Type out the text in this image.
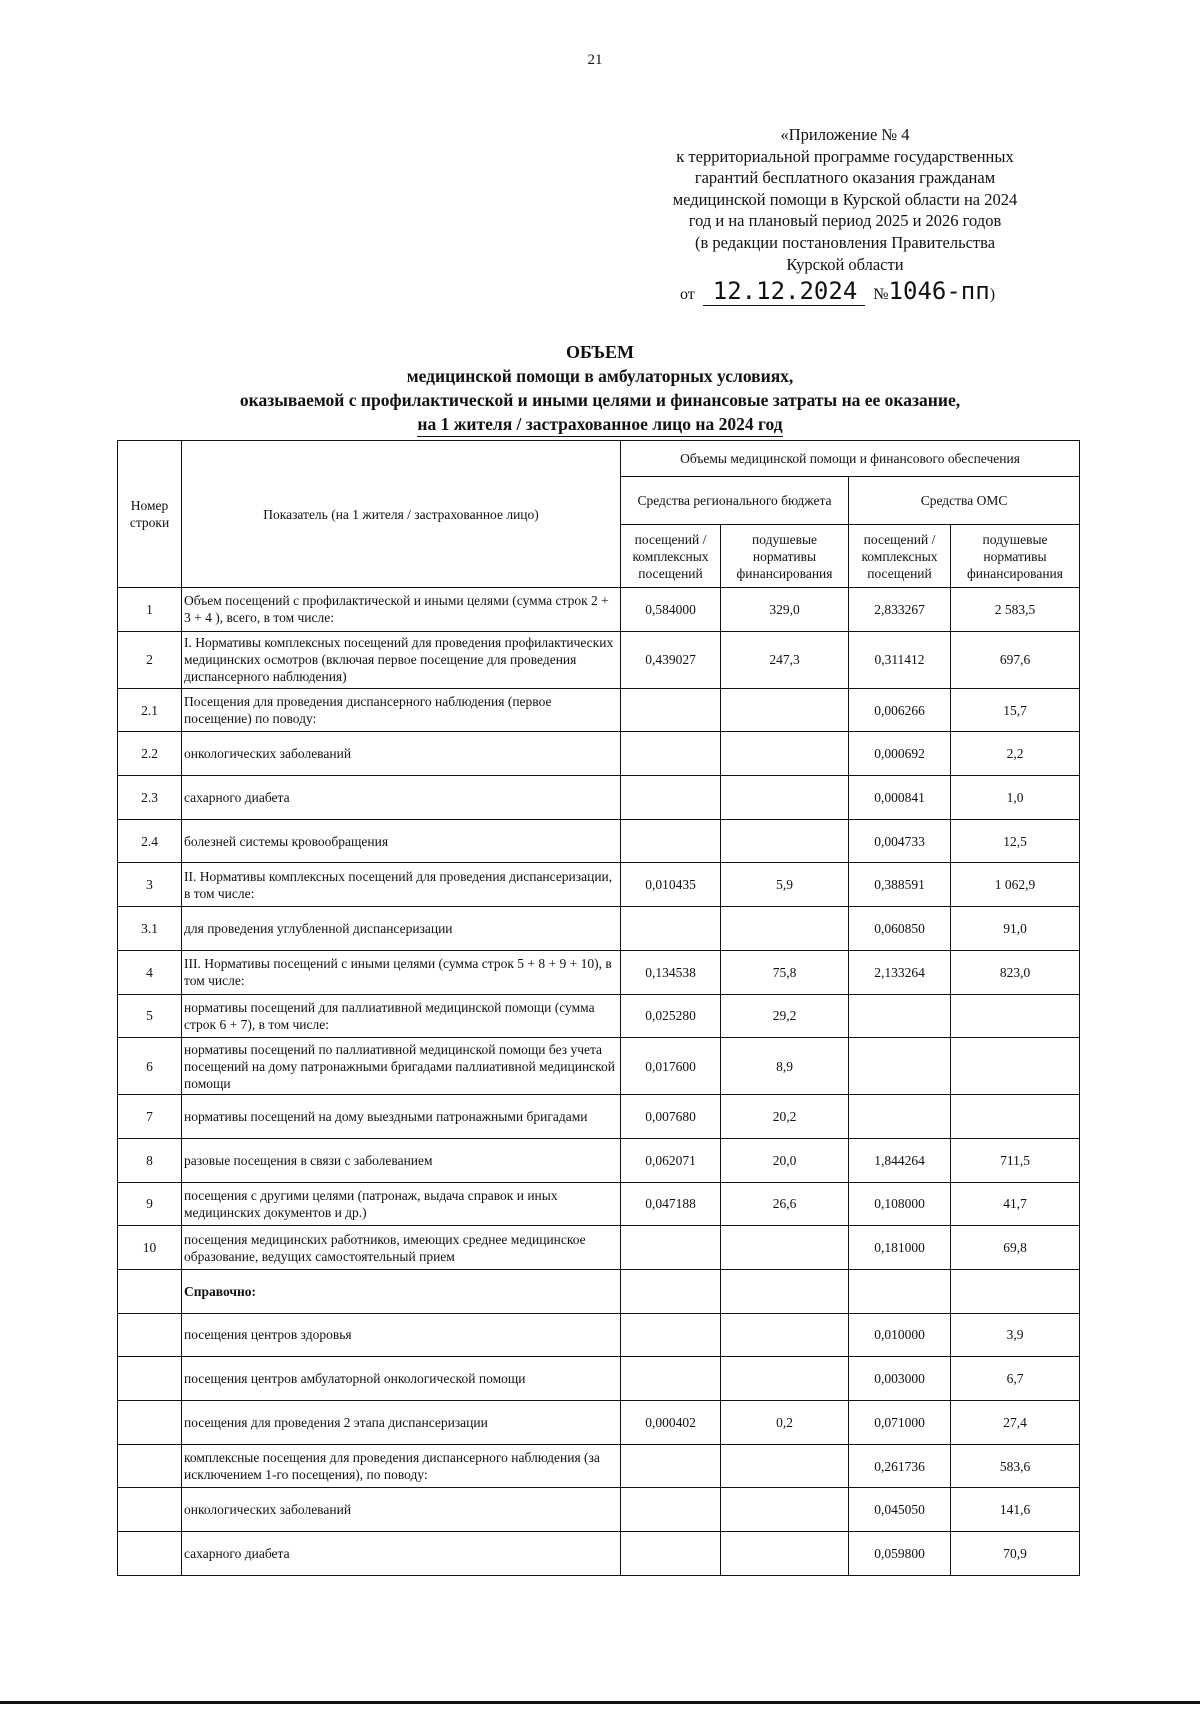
21
«Приложение № 4
к территориальной программе государственных
гарантий бесплатного оказания гражданам
медицинской помощи в Курской области на 2024
год и на плановый период 2025 и 2026 годов
(в редакции постановления Правительства
Курской области
от 12.12.2024 №1046-пп)
ОБЪЕМ
медицинской помощи в амбулаторных условиях,
оказываемой с профилактической и иными целями и финансовые затраты на ее оказание,
на 1 жителя / застрахованное лицо на 2024 год
Номер строки	Показатель (на 1 жителя / застрахованное лицо)	Объемы медицинской помощи и финансового обеспечения			
		Средства регионального бюджета		Средства ОМС	
		посещений / комплексных посещений	подушевые нормативы финансирования	посещений / комплексных посещений	подушевые нормативы финансирования
1	Объем посещений с профилактической и иными целями (сумма строк 2 + 3 + 4 ), всего, в том числе:	0,584000	329,0	2,833267	2 583,5
2	I. Нормативы комплексных посещений для проведения профилактических медицинских осмотров (включая первое посещение для проведения диспансерного наблюдения)	0,439027	247,3	0,311412	697,6
2.1	Посещения для проведения диспансерного наблюдения (первое посещение) по поводу:			0,006266	15,7
2.2	онкологических заболеваний			0,000692	2,2
2.3	сахарного диабета			0,000841	1,0
2.4	болезней системы кровообращения			0,004733	12,5
3	II. Нормативы комплексных посещений для проведения диспансеризации, в том числе:	0,010435	5,9	0,388591	1 062,9
3.1	для проведения углубленной диспансеризации			0,060850	91,0
4	III. Нормативы посещений с иными целями (сумма строк 5 + 8 + 9 + 10), в том числе:	0,134538	75,8	2,133264	823,0
5	нормативы посещений для паллиативной медицинской помощи (сумма строк 6 + 7), в том числе:	0,025280	29,2		
6	нормативы посещений по паллиативной медицинской помощи без учета посещений на дому патронажными бригадами паллиативной медицинской помощи	0,017600	8,9		
7	нормативы посещений на дому выездными патронажными бригадами	0,007680	20,2		
8	разовые посещения в связи с заболеванием	0,062071	20,0	1,844264	711,5
9	посещения с другими целями (патронаж, выдача справок и иных медицинских документов и др.)	0,047188	26,6	0,108000	41,7
10	посещения медицинских работников, имеющих среднее медицинское образование, ведущих самостоятельный прием			0,181000	69,8
	Справочно:				
	посещения центров здоровья			0,010000	3,9
	посещения центров амбулаторной онкологической помощи			0,003000	6,7
	посещения для проведения 2 этапа диспансеризации	0,000402	0,2	0,071000	27,4
	комплексные посещения для проведения диспансерного наблюдения (за исключением 1-го посещения), по поводу:			0,261736	583,6
	онкологических заболеваний			0,045050	141,6
	сахарного диабета			0,059800	70,9
